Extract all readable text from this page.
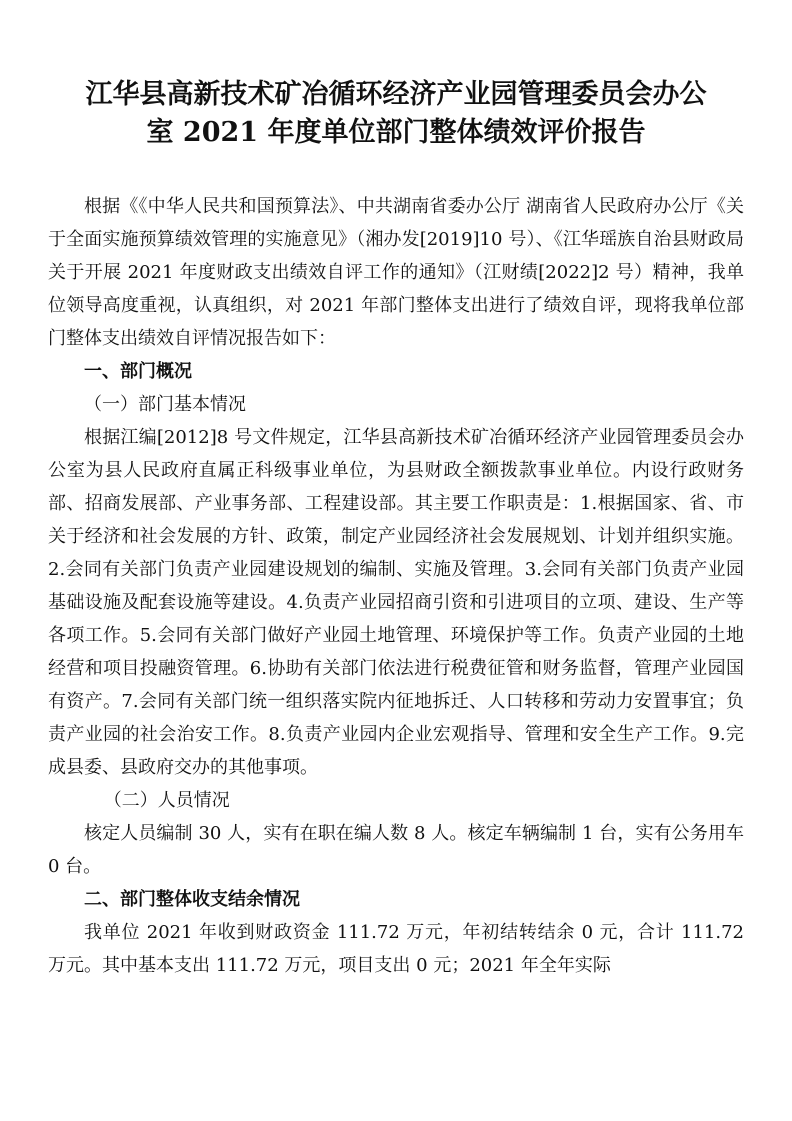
江华县高新技术矿冶循环经济产业园管理委员会办公
室 2021 年度单位部门整体绩效评价报告

根据《《中华人民共和国预算法》、中共湖南省委办公厅 湖南省人民政府办公厅《关于全面实施预算绩效管理的实施意见》（湘办发[2019]10 号）、《江华瑶族自治县财政局关于开展 2021 年度财政支出绩效自评工作的通知》（江财绩[2022]2 号）精神，我单位领导高度重视，认真组织，对 2021 年部门整体支出进行了绩效自评，现将我单位部门整体支出绩效自评情况报告如下：

一、部门概况

（一）部门基本情况

根据江编[2012]8 号文件规定，江华县高新技术矿冶循环经济产业园管理委员会办公室为县人民政府直属正科级事业单位，为县财政全额拨款事业单位。内设行政财务部、招商发展部、产业事务部、工程建设部。其主要工作职责是：1.根据国家、省、市关于经济和社会发展的方针、政策，制定产业园经济社会发展规划、计划并组织实施。2.会同有关部门负责产业园建设规划的编制、实施及管理。3.会同有关部门负责产业园基础设施及配套设施等建设。4.负责产业园招商引资和引进项目的立项、建设、生产等各项工作。5.会同有关部门做好产业园土地管理、环境保护等工作。负责产业园的土地经营和项目投融资管理。6.协助有关部门依法进行税费征管和财务监督，管理产业园国有资产。7.会同有关部门统一组织落实院内征地拆迁、人口转移和劳动力安置事宜；负责产业园的社会治安工作。8.负责产业园内企业宏观指导、管理和安全生产工作。9.完成县委、县政府交办的其他事项。

（二）人员情况

核定人员编制 30 人，实有在职在编人数 8 人。核定车辆编制 1 台，实有公务用车 0 台。

二、部门整体收支结余情况

我单位 2021 年收到财政资金 111.72 万元，年初结转结余 0 元，合计 111.72 万元。其中基本支出 111.72 万元，项目支出 0 元；2021 年全年实际
